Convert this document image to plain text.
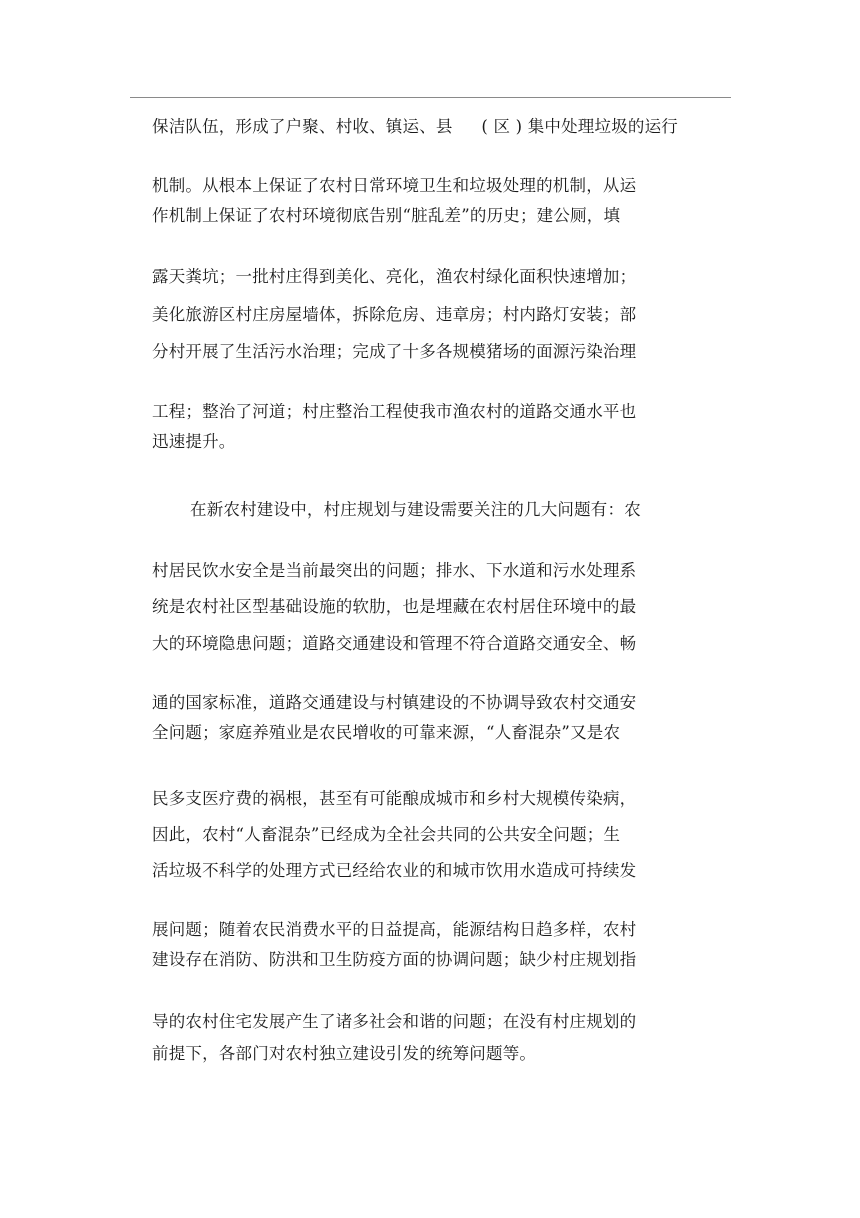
保洁队伍，形成了户聚、村收、镇运、县 ( 区 ) 集中处理垃圾的运行
机制。从根本上保证了农村日常环境卫生和垃圾处理的机制，从运
作机制上保证了农村环境彻底告别“脏乱差”的历史；建公厕，填
露天粪坑；一批村庄得到美化、亮化，渔农村绿化面积快速增加；
美化旅游区村庄房屋墙体，拆除危房、违章房；村内路灯安装；部
分村开展了生活污水治理；完成了十多各规模猪场的面源污染治理
工程；整治了河道；村庄整治工程使我市渔农村的道路交通水平也
迅速提升。
在新农村建设中，村庄规划与建设需要关注的几大问题有：农
村居民饮水安全是当前最突出的问题；排水、下水道和污水处理系
统是农村社区型基础设施的软肋，也是埋藏在农村居住环境中的最
大的环境隐患问题；道路交通建设和管理不符合道路交通安全、畅
通的国家标准，道路交通建设与村镇建设的不协调导致农村交通安
全问题；家庭养殖业是农民增收的可靠来源，“人畜混杂”又是农
民多支医疗费的祸根，甚至有可能酿成城市和乡村大规模传染病，
因此，农村“人畜混杂”已经成为全社会共同的公共安全问题；生
活垃圾不科学的处理方式已经给农业的和城市饮用水造成可持续发
展问题；随着农民消费水平的日益提高，能源结构日趋多样，农村
建设存在消防、防洪和卫生防疫方面的协调问题；缺少村庄规划指
导的农村住宅发展产生了诸多社会和谐的问题；在没有村庄规划的
前提下，各部门对农村独立建设引发的统筹问题等。
